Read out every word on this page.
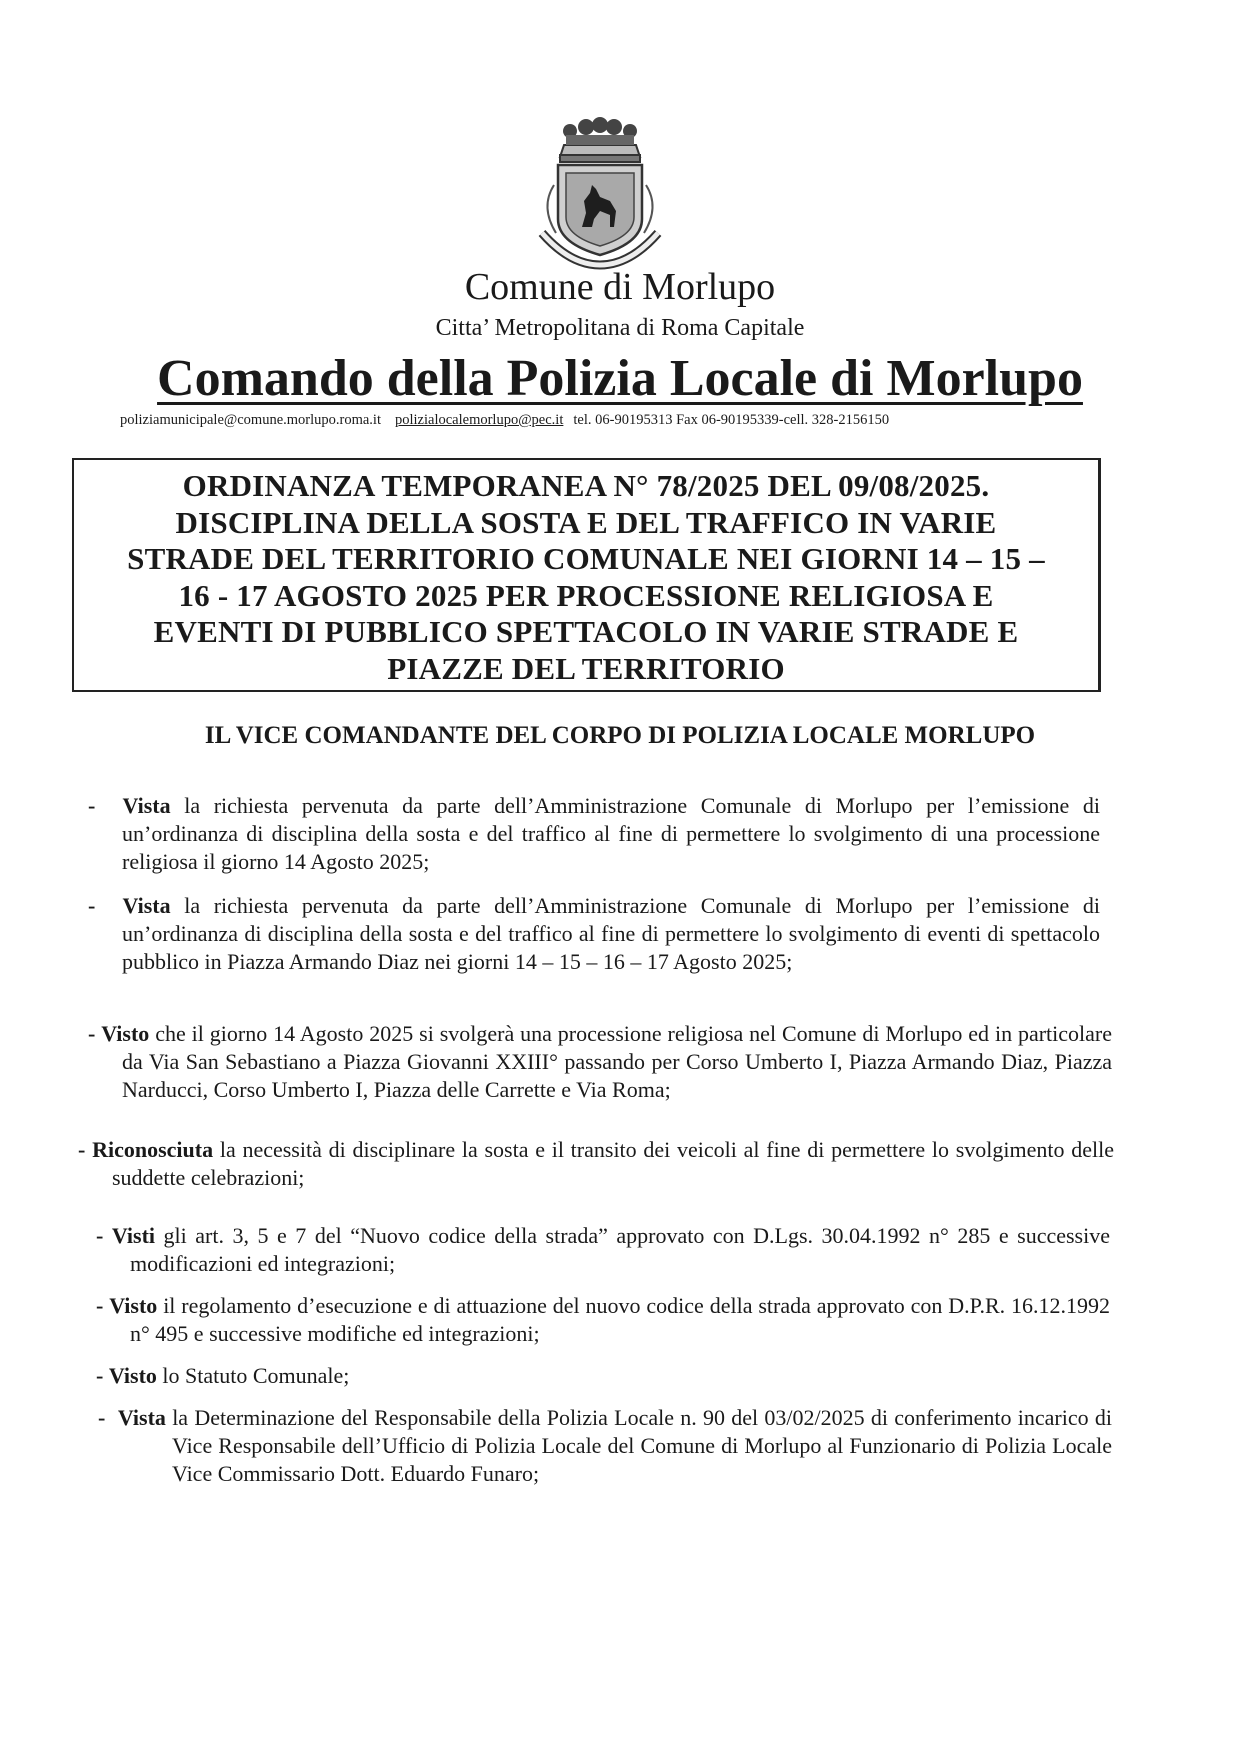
Comune di Morlupo
Citta’ Metropolitana di Roma Capitale
Comando della Polizia Locale di Morlupo
poliziamunicipale@comune.morlupo.roma.it polizialocalemorlupo@pec.it tel. 06-90195313 Fax 06-90195339-cell. 328-2156150

ORDINANZA TEMPORANEA N° 78/2025 DEL 09/08/2025.
DISCIPLINA DELLA SOSTA E DEL TRAFFICO IN VARIE
STRADE DEL TERRITORIO COMUNALE NEI GIORNI 14 – 15 –
16 - 17 AGOSTO 2025 PER PROCESSIONE RELIGIOSA E
EVENTI DI PUBBLICO SPETTACOLO IN VARIE STRADE E
PIAZZE DEL TERRITORIO

IL VICE COMANDANTE DEL CORPO DI POLIZIA LOCALE MORLUPO
- Vista la richiesta pervenuta da parte dell’Amministrazione Comunale di Morlupo per l’emissione di un’ordinanza di disciplina della sosta e del traffico al fine di permettere lo svolgimento di una processione religiosa il giorno 14 Agosto 2025;
- Vista la richiesta pervenuta da parte dell’Amministrazione Comunale di Morlupo per l’emissione di un’ordinanza di disciplina della sosta e del traffico al fine di permettere lo svolgimento di eventi di spettacolo pubblico in Piazza Armando Diaz nei giorni 14 – 15 – 16 – 17 Agosto 2025;
- Visto che il giorno 14 Agosto 2025 si svolgerà una processione religiosa nel Comune di Morlupo ed in particolare da Via San Sebastiano a Piazza Giovanni XXIII° passando per Corso Umberto I, Piazza Armando Diaz, Piazza Narducci, Corso Umberto I, Piazza delle Carrette e Via Roma;
- Riconosciuta la necessità di disciplinare la sosta e il transito dei veicoli al fine di permettere lo svolgimento delle suddette celebrazioni;
- Visti gli art. 3, 5 e 7 del “Nuovo codice della strada” approvato con D.Lgs. 30.04.1992 n° 285 e successive modificazioni ed integrazioni;
- Visto il regolamento d’esecuzione e di attuazione del nuovo codice della strada approvato con D.P.R. 16.12.1992 n° 495 e successive modifiche ed integrazioni;
- Visto lo Statuto Comunale;
- Vista la Determinazione del Responsabile della Polizia Locale n. 90 del 03/02/2025 di conferimento incarico di Vice Responsabile dell’Ufficio di Polizia Locale del Comune di Morlupo al Funzionario di Polizia Locale Vice Commissario Dott. Eduardo Funaro;
